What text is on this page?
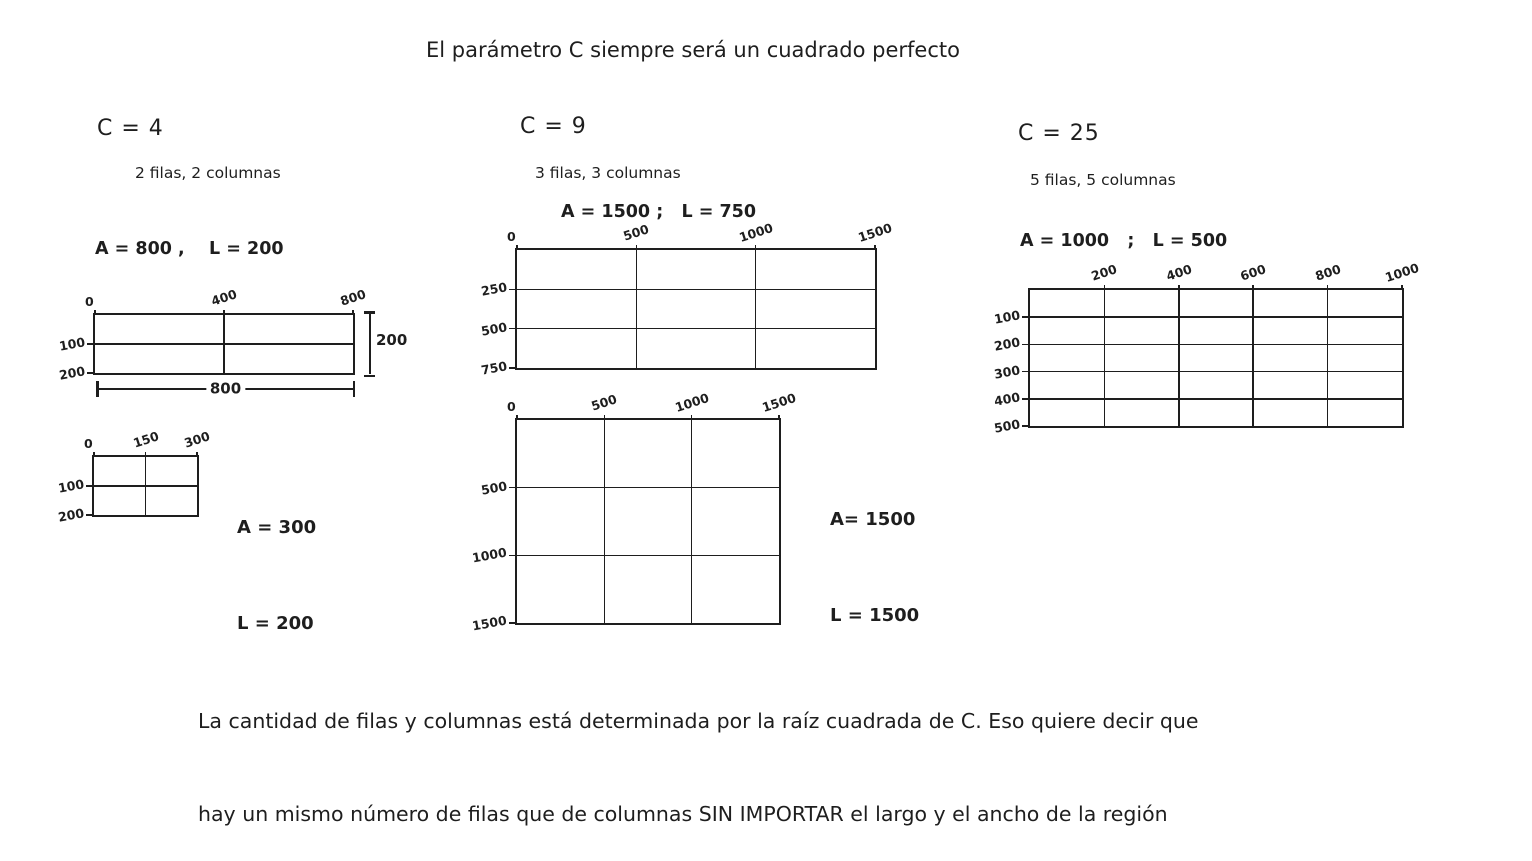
El parámetro C siempre será un cuadrado perfecto
C = 4
2 filas, 2 columnas
A = 800 ,    L = 200
0	400	800
100
200

200

800

0	150 300
100
200

A = 300

L = 200

C = 9
3 filas, 3 columnas
A = 1500 ;   L = 750
0	500	1000	1500
250
500
750
0	500	1000	1500
500
1000
1500

A= 1500

L = 1500

C = 25
5 filas, 5 columnas
A = 1000   ;   L = 500
200	400	600	800	1000
100
200
300
400
500

La cantidad de filas y columnas está determinada por la raíz cuadrada de C. Eso quiere decir que

hay un mismo número de filas que de columnas SIN IMPORTAR el largo y el ancho de la región
